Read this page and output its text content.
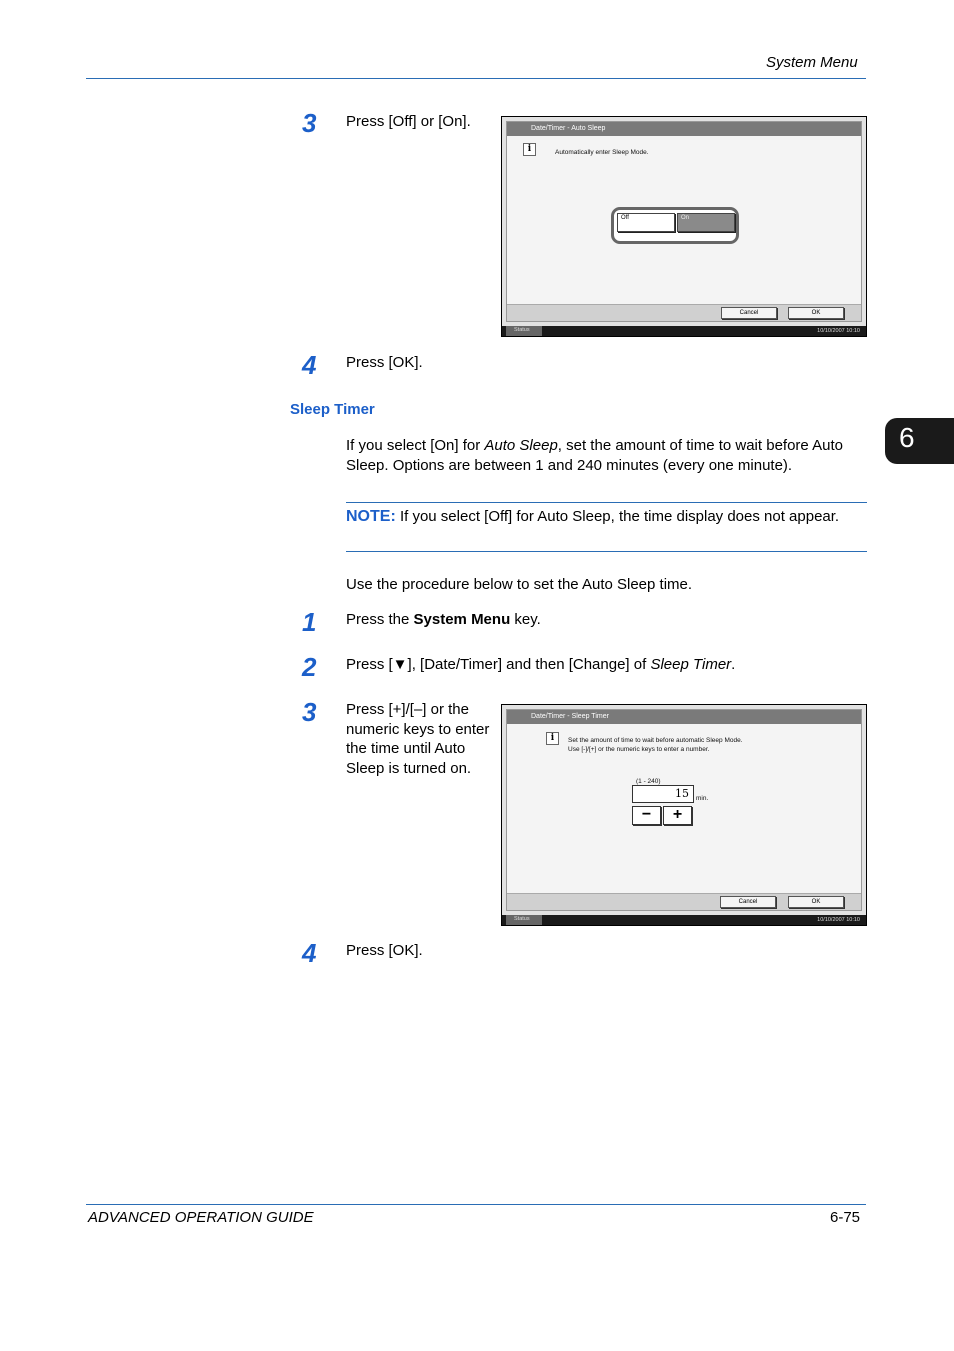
System Menu
6
ADVANCED OPERATION GUIDE	6-75
3 Press [Off] or [On].	Date/Timer - Auto Sleep
i	Automatically enter Sleep Mode.
Off	On
Cancel	OK
Status	10/10/2007 10:10
4 Press [OK].
Sleep Timer
If you select [On] for Auto Sleep, set the amount of time to wait before Auto Sleep. Options are between 1 and 240 minutes (every one minute).
NOTE: If you select [Off] for Auto Sleep, the time display does not appear.
Use the procedure below to set the Auto Sleep time.
1 Press the System Menu key.
2 Press [▼], [Date/Timer] and then [Change] of Sleep Timer.
3 Press [+]/[–] or the numeric keys to enter the time until Auto Sleep is turned on.
Date/Timer - Sleep Timer
i	Set the amount of time to wait before automatic Sleep Mode.
Use [-]/[+] or the numeric keys to enter a number.
(1 - 240)
15	min.
−	+
Cancel	OK
Status	10/10/2007 10:10
4 Press [OK].
